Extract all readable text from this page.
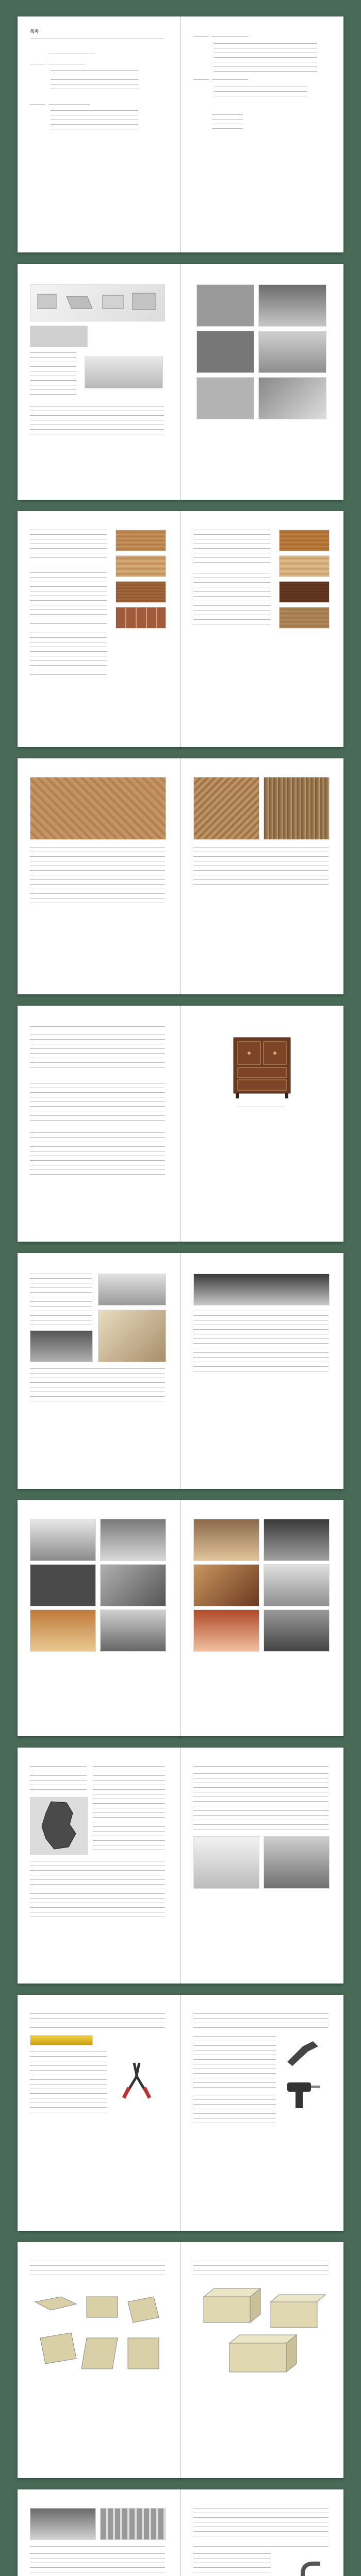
목차
